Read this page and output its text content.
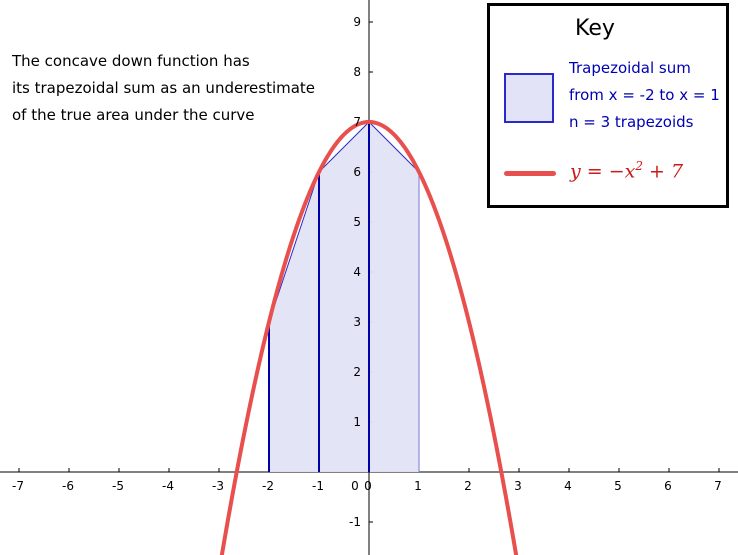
-7	-6	-5	-4	-3	-2	-1	0	1	2	3	4	5	6	7
0
-1
1
2
3
4
5
6
7
8
9
The concave down function has
its trapezoidal sum as an underestimate
of the true area under the curve
Key
Trapezoidal sum
from x = -2 to x = 1
n = 3 trapezoids
$y = -x^2 + 7$
